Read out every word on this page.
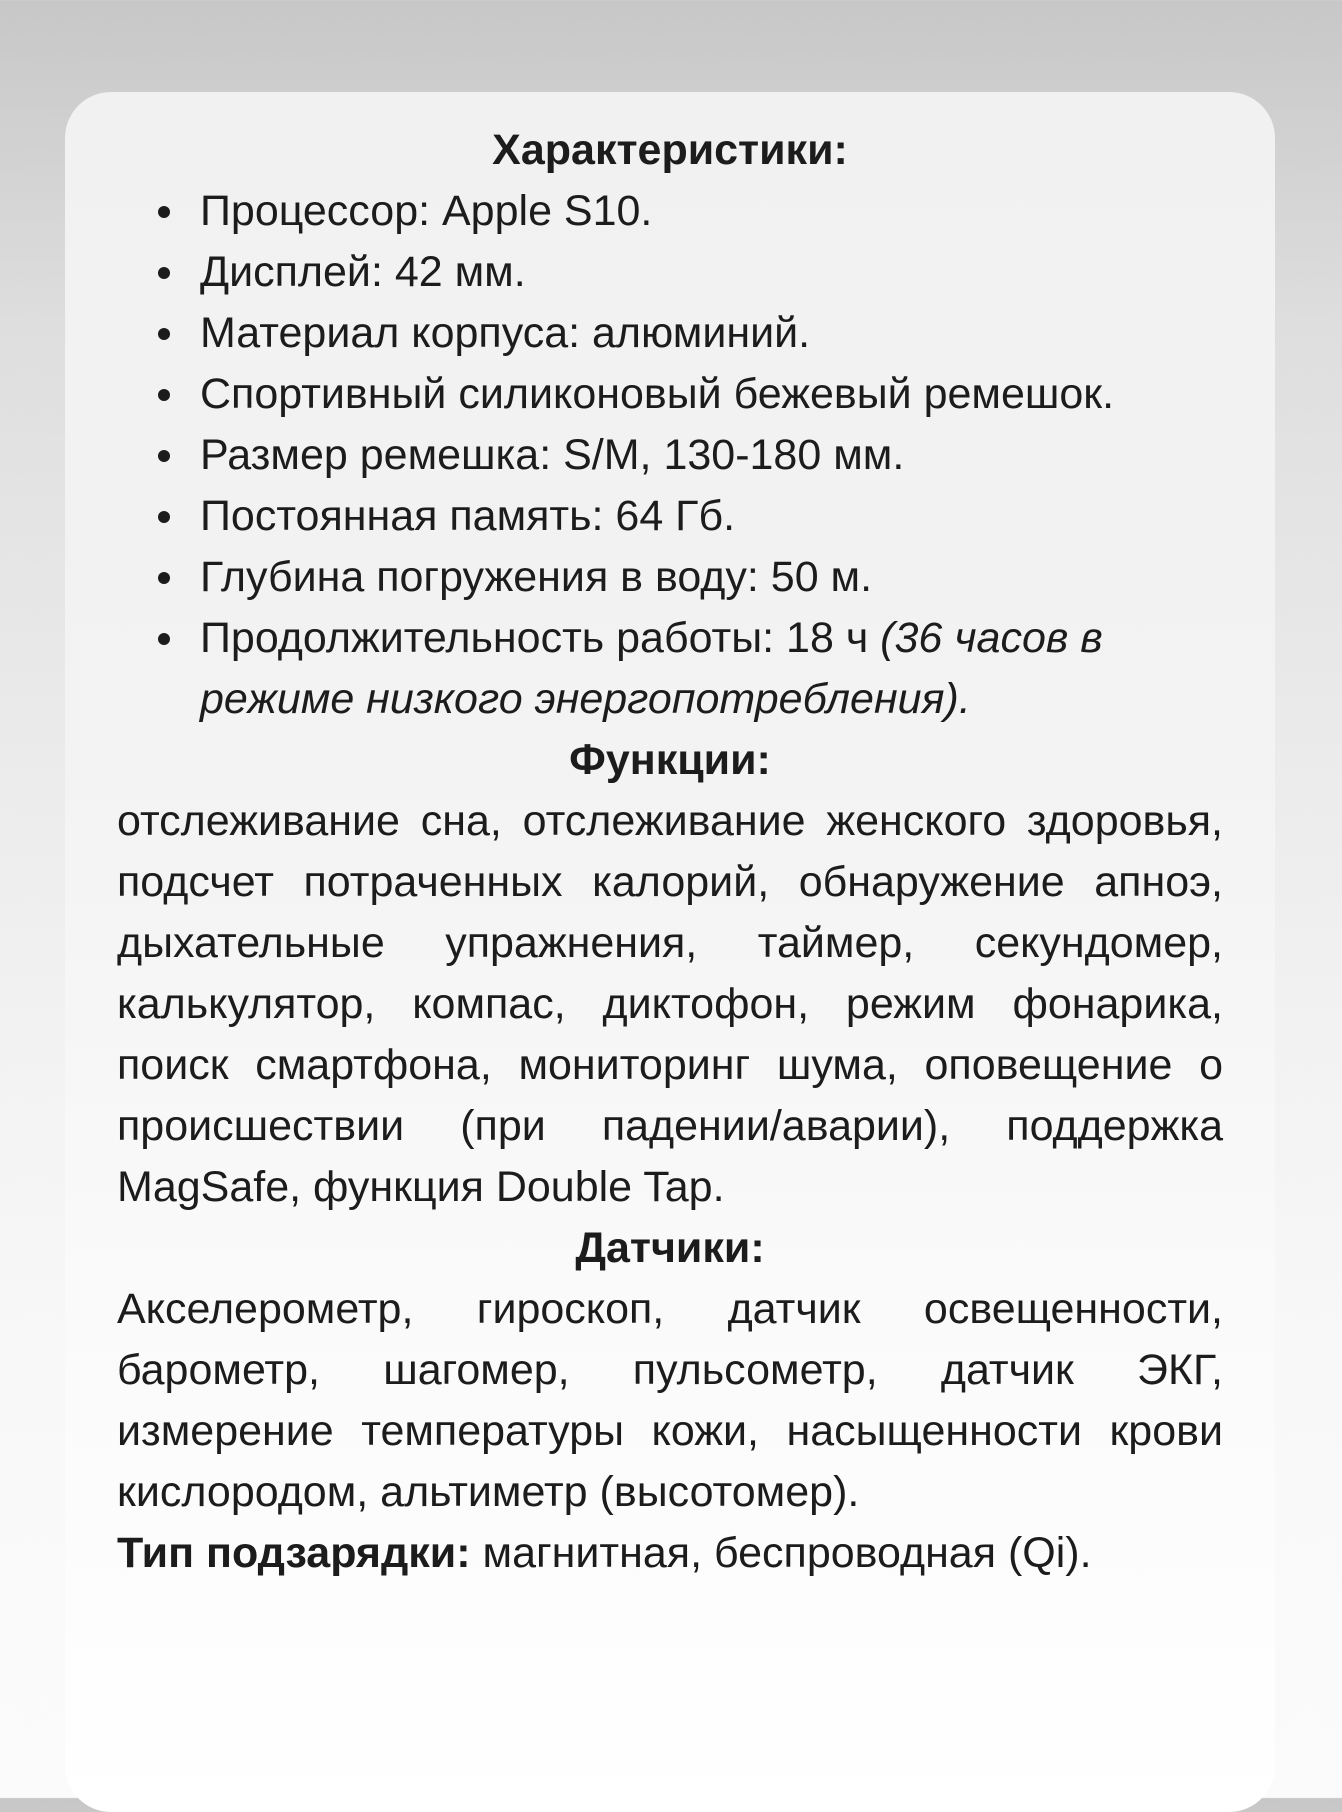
Характеристики:
Процессор: Apple S10.
Дисплей: 42 мм.
Материал корпуса: алюминий.
Спортивный силиконовый бежевый ремешок.
Размер ремешка: S/M, 130-180 мм.
Постоянная память: 64 Гб.
Глубина погружения в воду: 50 м.
Продолжительность работы: 18 ч (36 часов в режиме низкого энергопотребления).
Функции:

отслеживание сна, отслеживание женского здоровья, подсчет потраченных калорий, обнаружение апноэ, дыхательные упражнения, таймер, секундомер, калькулятор, компас, диктофон, режим фонарика, поиск смартфона, мониторинг шума, оповещение о происшествии (при падении/аварии), поддержка MagSafe, функция Double Tap.

Датчики:

Акселерометр, гироскоп, датчик освещенности, барометр, шагомер, пульсометр, датчик ЭКГ, измерение температуры кожи, насыщенности крови кислородом, альтиметр (высотомер).

Тип подзарядки: магнитная, беспроводная (Qi).
